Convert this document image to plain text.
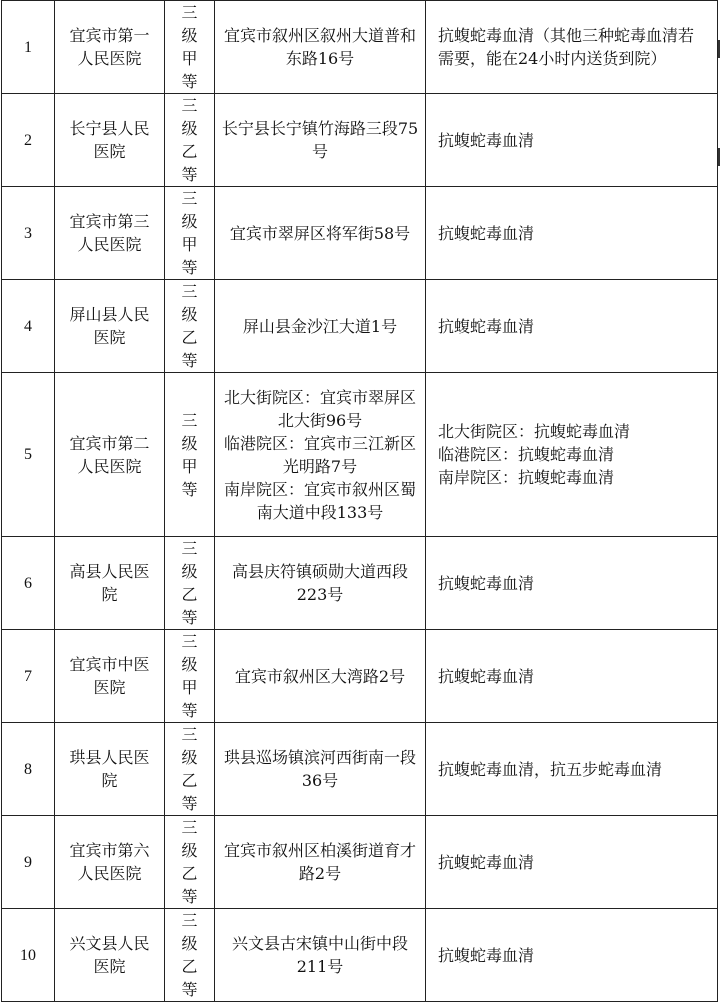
1	宜宾市第一人民医院	三级甲等	宜宾市叙州区叙州大道普和东路16号	抗蝮蛇毒血清（其他三种蛇毒血清若需要，能在24小时内送货到院）

2	长宁县人民医院	三级乙等	长宁县长宁镇竹海路三段75号	抗蝮蛇毒血清

3	宜宾市第三人民医院	三级甲等	宜宾市翠屏区将军街58号	抗蝮蛇毒血清

4	屏山县人民医院	三级乙等	屏山县金沙江大道1号	抗蝮蛇毒血清

5	宜宾市第二人民医院	三级甲等	北大街院区：宜宾市翠屏区北大街96号
临港院区：宜宾市三江新区光明路7号
南岸院区：宜宾市叙州区蜀南大道中段133号	北大街院区：抗蝮蛇毒血清
临港院区：抗蝮蛇毒血清
南岸院区：抗蝮蛇毒血清

6	高县人民医院	三级乙等	高县庆符镇硕勋大道西段223号	抗蝮蛇毒血清

7	宜宾市中医医院	三级甲等	宜宾市叙州区大湾路2号	抗蝮蛇毒血清

8	珙县人民医院	三级乙等	珙县巡场镇滨河西街南一段36号	抗蝮蛇毒血清，抗五步蛇毒血清

9	宜宾市第六人民医院	三级乙等	宜宾市叙州区柏溪街道育才路2号	抗蝮蛇毒血清

10	兴文县人民医院	三级乙等	兴文县古宋镇中山街中段211号	抗蝮蛇毒血清
